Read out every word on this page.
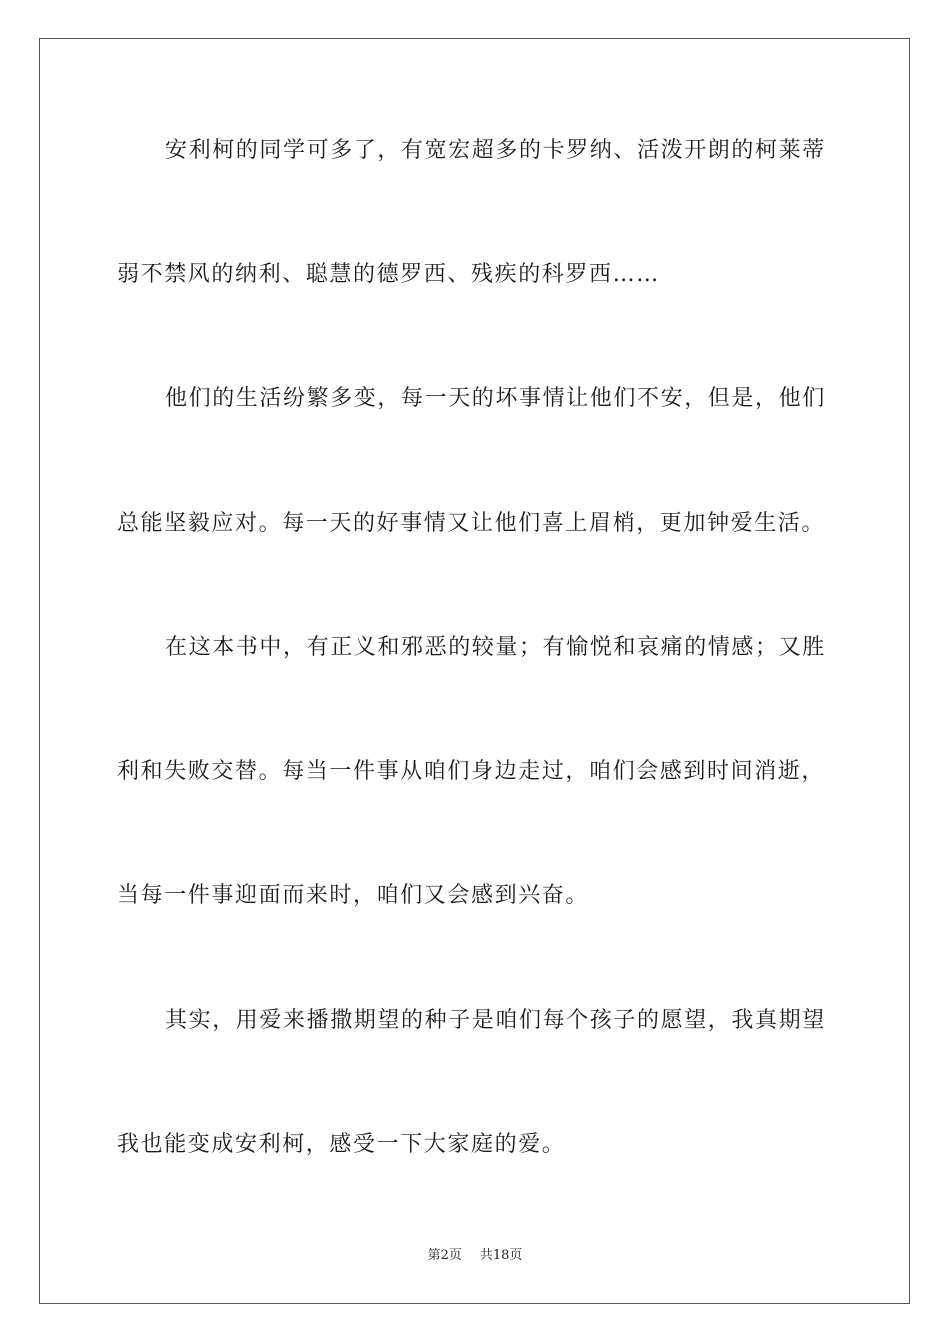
安利柯的同学可多了，有宽宏超多的卡罗纳、活泼开朗的柯莱蒂
弱不禁风的纳利、聪慧的德罗西、残疾的科罗西……
他们的生活纷繁多变，每一天的坏事情让他们不安，但是，他们
总能坚毅应对。每一天的好事情又让他们喜上眉梢，更加钟爱生活。
在这本书中，有正义和邪恶的较量；有愉悦和哀痛的情感；又胜
利和失败交替。每当一件事从咱们身边走过，咱们会感到时间消逝，
当每一件事迎面而来时，咱们又会感到兴奋。
其实，用爱来播撒期望的种子是咱们每个孩子的愿望，我真期望
我也能变成安利柯，感受一下大家庭的爱。
第2页 共18页
